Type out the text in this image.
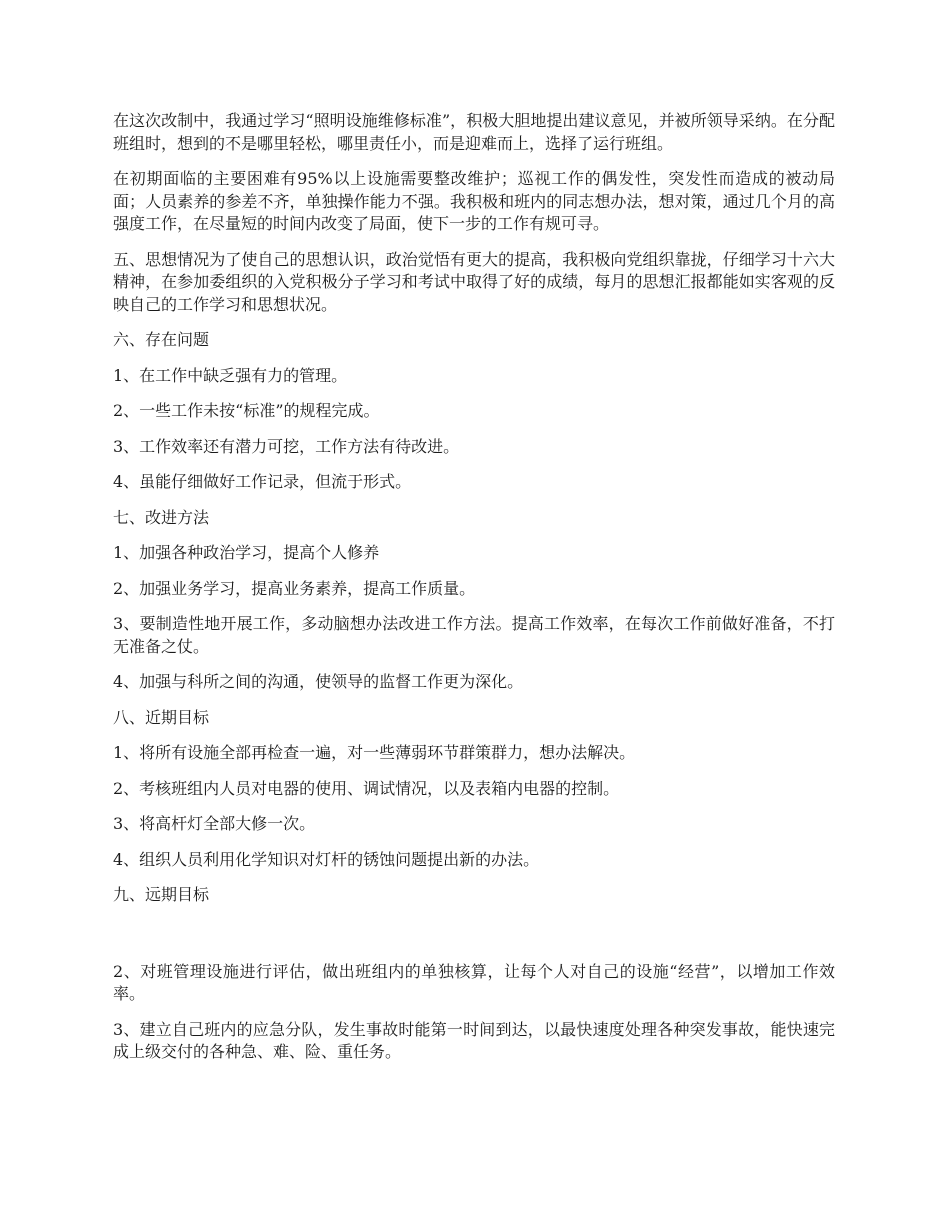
在这次改制中，我通过学习“照明设施维修标准”，积极大胆地提出建议意见，并被所领导采纳。在分配班组时，想到的不是哪里轻松，哪里责任小，而是迎难而上，选择了运行班组。

在初期面临的主要困难有95%以上设施需要整改维护；巡视工作的偶发性，突发性而造成的被动局面；人员素养的参差不齐，单独操作能力不强。我积极和班内的同志想办法，想对策，通过几个月的高强度工作，在尽量短的时间内改变了局面，使下一步的工作有规可寻。

五、思想情况为了使自己的思想认识，政治觉悟有更大的提高，我积极向党组织靠拢，仔细学习十六大精神，在参加委组织的入党积极分子学习和考试中取得了好的成绩，每月的思想汇报都能如实客观的反映自己的工作学习和思想状况。

六、存在问题

1、在工作中缺乏强有力的管理。

2、一些工作未按“标准”的规程完成。

3、工作效率还有潜力可挖，工作方法有待改进。

4、虽能仔细做好工作记录，但流于形式。

七、改进方法

1、加强各种政治学习，提高个人修养

2、加强业务学习，提高业务素养，提高工作质量。

3、要制造性地开展工作，多动脑想办法改进工作方法。提高工作效率，在每次工作前做好准备，不打无准备之仗。

4、加强与科所之间的沟通，使领导的监督工作更为深化。

八、近期目标

1、将所有设施全部再检查一遍，对一些薄弱环节群策群力，想办法解决。

2、考核班组内人员对电器的使用、调试情况，以及表箱内电器的控制。

3、将高杆灯全部大修一次。

4、组织人员利用化学知识对灯杆的锈蚀问题提出新的办法。

九、远期目标

2、对班管理设施进行评估，做出班组内的单独核算，让每个人对自己的设施“经营”，以增加工作效率。

3、建立自己班内的应急分队，发生事故时能第一时间到达，以最快速度处理各种突发事故，能快速完成上级交付的各种急、难、险、重任务。
